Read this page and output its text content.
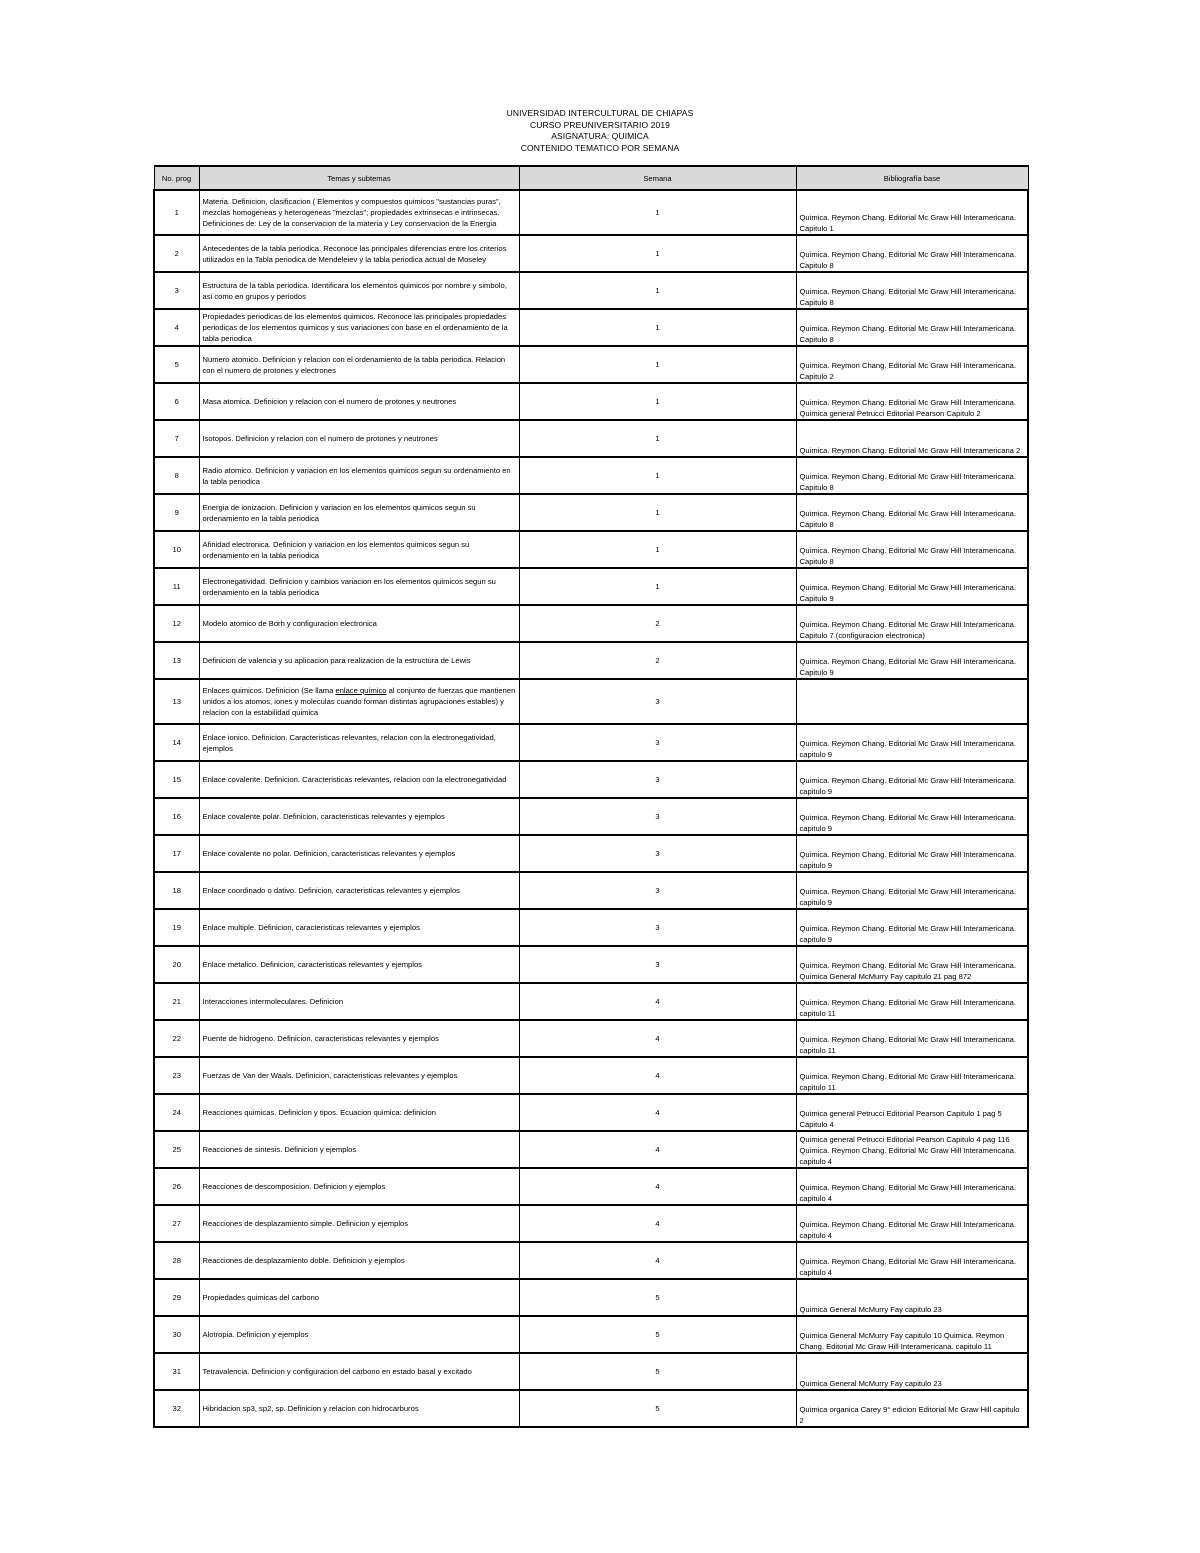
UNIVERSIDAD INTERCULTURAL DE CHIAPAS
CURSO PREUNIVERSITARIO 2019
ASIGNATURA: QUIMICA
CONTENIDO TEMATICO POR SEMANA
No. prog	Temas y subtemas	Semana	Bibliografía base
1	Materia. Definicion, clasificacion ( Elementos y compuestos quimicos "sustancias puras", mezclas homogeneas y heterogeneas "mezclas"; propiedades extrinsecas e intrinsecas. Definiciones de: Ley de la conservacion de la materia y Ley conservacion de la Energia	1	Quimica. Reymon Chang. Editorial Mc Graw Hill Interamericana. Capitulo 1
2	Antecedentes de la tabla periodica. Reconoce las principales diferencias entre los criterios utilizados en la Tabla periodica de Mendeleiev y la tabla periodica actual de Moseley	1	Quimica. Reymon Chang. Editorial Mc Graw Hill Interamericana. Capitulo 8
3	Estructura de la tabla periodica. Identificara los elementos quimicos por nombre y simbolo, asi como en grupos y periodos	1	Quimica. Reymon Chang. Editorial Mc Graw Hill Interamericana. Capitulo 8
4	Propiedades periodicas de los elementos quimicos. Reconoce las principales propiedades periodicas de los elementos quimicos y sus variaciones con base en el ordenamiento de la tabla periodica	1	Quimica. Reymon Chang. Editorial Mc Graw Hill Interamericana. Capitulo 8
5	Numero atomico. Definicion y relacion con el ordenamiento de la tabla periodica. Relacion con el numero de protones y electrones	1	Quimica. Reymon Chang. Editorial Mc Graw Hill Interamericana. Capitulo 2
6	Masa atomica. Definicion y relacion con el numero de protones y neutrones	1	Quimica. Reymon Chang. Editorial Mc Graw Hill Interamericana. Quimica general Petrucci Editorial Pearson Capitulo 2
7	Isotopos. Definicion y relacion con el numero de protones y neutrones	1	Quimica. Reymon Chang. Editorial Mc Graw Hill Interamericana 2
8	Radio atomico. Definicion y variacion en los elementos quimicos segun su ordenamiento en la tabla periodica	1	Quimica. Reymon Chang. Editorial Mc Graw Hill Interamericana. Capitulo 8
9	Energia de ionizacion. Definicion y variacion en los elementos quimicos segun su ordenamiento en la tabla periodica	1	Quimica. Reymon Chang. Editorial Mc Graw Hill Interamericana. Capitulo 8
10	Afinidad electronica. Definicion y variacion en los elementos quimicos segun su ordenamiento en la tabla periodica	1	Quimica. Reymon Chang. Editorial Mc Graw Hill Interamericana. Capitulo 8
11	Electronegatividad. Definicion y cambios variacion en los elementos quimicos segun su ordenamiento en la tabla periodica	1	Quimica. Reymon Chang. Editorial Mc Graw Hill Interamericana. Capitulo 9
12	Modelo atomico de Borh y configuracion electronica	2	Quimica. Reymon Chang. Editorial Mc Graw Hill Interamericana. Capitulo 7 (configuracion electronica)
13	Definicion de valencia y su aplicacion para realizacion de la estructura de Lewis	2	Quimica. Reymon Chang. Editorial Mc Graw Hill Interamericana. Capitulo 9
13	Enlaces quimicos. Definicion (Se llama enlace químico al conjunto de fuerzas que mantienen unidos a los atomos, iones y moleculas cuando forman distintas agrupaciones estables) y relacion con la estabilidad quimica	3	
14	Enlace ionico. Definicion. Caracteristicas relevantes, relacion con la electronegatividad, ejemplos	3	Quimica. Reymon Chang. Editorial Mc Graw Hill Interamericana. capitulo 9
15	Enlace covalente. Definicion. Caracteristicas relevantes, relacion con la electronegatividad	3	Quimica. Reymon Chang. Editorial Mc Graw Hill Interamericana. capitulo 9
16	Enlace covalente polar. Definicion, caracteristicas relevantes y ejemplos	3	Quimica. Reymon Chang. Editorial Mc Graw Hill Interamericana. capitulo 9
17	Enlace covalente no polar. Definicion, caracteristicas relevantes y ejemplos	3	Quimica. Reymon Chang. Editorial Mc Graw Hill Interamericana. capitulo 9
18	Enlace coordinado o dativo. Definicion, caracteristicas relevantes y ejemplos	3	Quimica. Reymon Chang. Editorial Mc Graw Hill Interamericana. capitulo 9
19	Enlace multiple. Definicion, caracteristicas relevantes y ejemplos	3	Quimica. Reymon Chang. Editorial Mc Graw Hill Interamericana. capitulo 9
20	Enlace metalico. Definicion, caracteristicas relevantes y ejemplos	3	Quimica. Reymon Chang. Editorial Mc Graw Hill Interamericana. Quimica General McMurry Fay capitulo 21 pag 872
21	Interacciones intermoleculares. Definicion	4	Quimica. Reymon Chang. Editorial Mc Graw Hill Interamericana. capitulo 11
22	Puente de hidrogeno. Definicion, caracteristicas relevantes y ejemplos	4	Quimica. Reymon Chang. Editorial Mc Graw Hill Interamericana. capitulo 11
23	Fuerzas de Van der Waals. Definicion, caracteristicas relevantes y ejemplos	4	Quimica. Reymon Chang. Editorial Mc Graw Hill Interamericana. capitulo 11
24	Reacciones quimicas. Definicion y tipos. Ecuacion quimica: definicion	4	Quimica general Petrucci Editorial Pearson Capitulo 1 pag 5 Capitulo 4
25	Reacciones de sintesis. Definicion y ejemplos	4	Quimica general Petrucci Editorial Pearson Capitulo 4 pag 116 Quimica. Reymon Chang. Editorial Mc Graw Hill Interamericana. capitulo 4
26	Reacciones de descomposicion. Definicion y ejemplos	4	Quimica. Reymon Chang. Editorial Mc Graw Hill Interamericana. capitulo 4
27	Reacciones de desplazamiento simple. Definicion y ejemplos	4	Quimica. Reymon Chang. Editorial Mc Graw Hill Interamericana. capitulo 4
28	Reacciones de desplazamiento doble. Definicion y ejemplos	4	Quimica. Reymon Chang. Editorial Mc Graw Hill Interamericana. capitulo 4
29	Propiedades quimicas del carbono	5	Quimica General McMurry Fay capitulo 23
30	Alotropia. Definicion y ejemplos	5	Quimica General McMurry Fay capitulo 10 Quimica. Reymon Chang. Editorial Mc Graw Hill Interamericana. capitulo 11
31	Tetravalencia. Definicion y configuracion del carbono en estado basal y excitado	5	Quimica General McMurry Fay capitulo 23
32	Hibridacion sp3, sp2, sp. Definicion y relacion con hidrocarburos	5	Quimica organica Carey 9° edicion Editorial Mc Graw Hill capitulo 2
